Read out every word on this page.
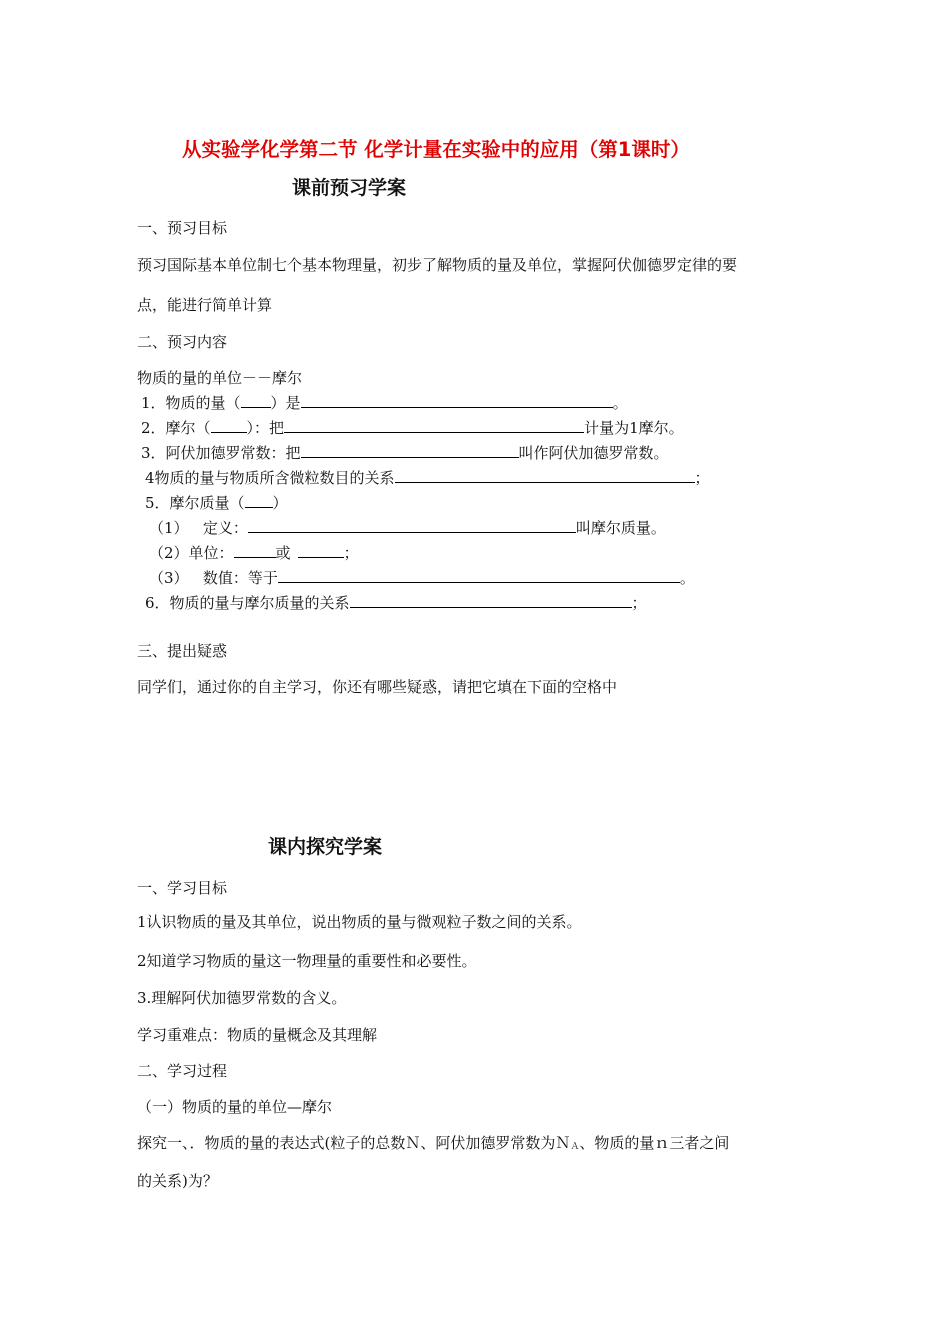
从实验学化学第二节 化学计量在实验中的应用（第1课时）
课前预习学案
一、预习目标
预习国际基本单位制七个基本物理量，初步了解物质的量及单位，掌握阿伏伽德罗定律的要
点，能进行简单计算
二、预习内容
物质的量的单位－－摩尔
1．物质的量（ ）是	。
2．摩尔（ ）：把	计量为1摩尔。
3．阿伏加德罗常数：把	叫作阿伏加德罗常数。
4物质的量与物质所含微粒数目的关系	；
5．摩尔质量（ ）
（1）   定义：	叫摩尔质量。
（2）单位：	或	；
（3）   数值：等于	。
6．物质的量与摩尔质量的关系	；
三、提出疑惑
同学们，通过你的自主学习，你还有哪些疑惑，请把它填在下面的空格中
课内探究学案
一、学习目标
1认识物质的量及其单位，说出物质的量与微观粒子数之间的关系。
2知道学习物质的量这一物理量的重要性和必要性。
3.理解阿伏加德罗常数的含义。
学习重难点：物质的量概念及其理解
二、学习过程
（一）物质的量的单位—摩尔
探究一、．物质的量的表达式(粒子的总数Ｎ、阿伏加德罗常数为Ｎ$_A$、物质的量ｎ三者之间
的关系)为？
